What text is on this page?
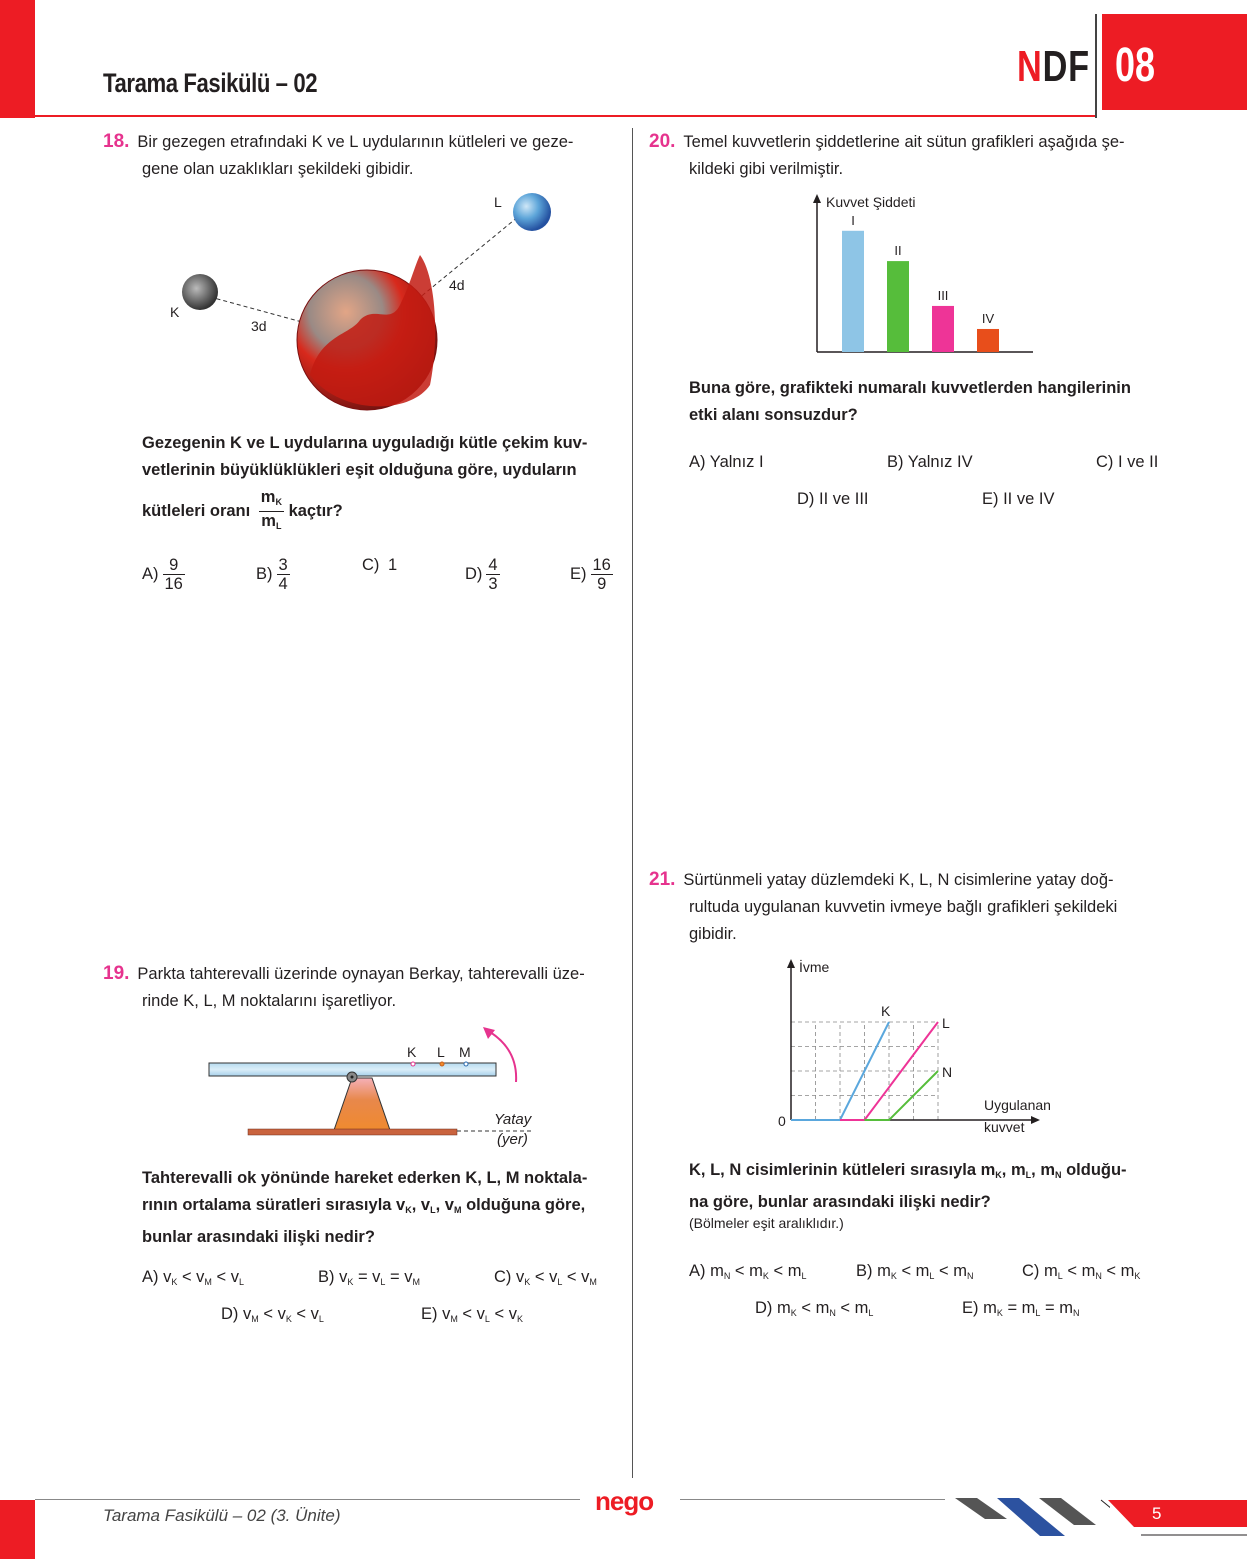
Tarama Fasikülü – 02	NDF 08
18. Bir gezegen etrafındaki K ve L uydularının kütleleri ve geze-
gene olan uzaklıkları şekildeki gibidir.
K
L
3d
4d
Gezegenin K ve L uydularına uyguladığı kütle çekim kuv-
vetlerinin büyüklüklükleri eşit olduğuna göre, uyduların
kütleleri oranı $\frac{m_K}{m_L}$ kaçtır?
$A) \frac{9}{16}$	$B) \frac{3}{4}$	C) 1	$D) \frac{4}{3}$	$E) \frac{16}{9}$
19. Parkta tahterevalli üzerinde oynayan Berkay, tahterevalli üze-
rinde K, L, M noktalarını işaretliyor.
K L M
Yatay
(yer)
Tahterevalli ok yönünde hareket ederken K, L, M noktala-
rının ortalama süratleri sırasıyla $v_K$, $v_L$, $v_M$ olduğuna göre,
bunlar arasındaki ilişki nedir?
A) $v_K < v_M < v_L$	B) $v_K = v_L = v_M$	C) $v_K < v_L < v_M$
D) $v_M < v_K < v_L$	E) $v_M < v_L < v_K$
20. Temel kuvvetlerin şiddetlerine ait sütun grafikleri aşağıda şe-
kildeki gibi verilmiştir.
Kuvvet Şiddeti
I
II
III
IV
Buna göre, grafikteki numaralı kuvvetlerden hangilerinin
etki alanı sonsuzdur?
A) Yalnız I	B) Yalnız IV	C) I ve II
D) II ve III	E) II ve IV
21. Sürtünmeli yatay düzlemdeki K, L, N cisimlerine yatay doğ-
rultuda uygulanan kuvvetin ivmeye bağlı grafikleri şekildeki
gibidir.
İvme
0
Uygulanan
kuvvet
K
L
N
K, L, N cisimlerinin kütleleri sırasıyla $m_K$, $m_L$, $m_N$ olduğu-
na göre, bunlar arasındaki ilişki nedir?
(Bölmeler eşit aralıklıdır.)
A) $m_N < m_K < m_L$	B) $m_K < m_L < m_N$	C) $m_L < m_N < m_K$
D) $m_K < m_N < m_L$	E) $m_K = m_L = m_N$
Tarama Fasikülü – 02 (3. Ünite)	nego	5
